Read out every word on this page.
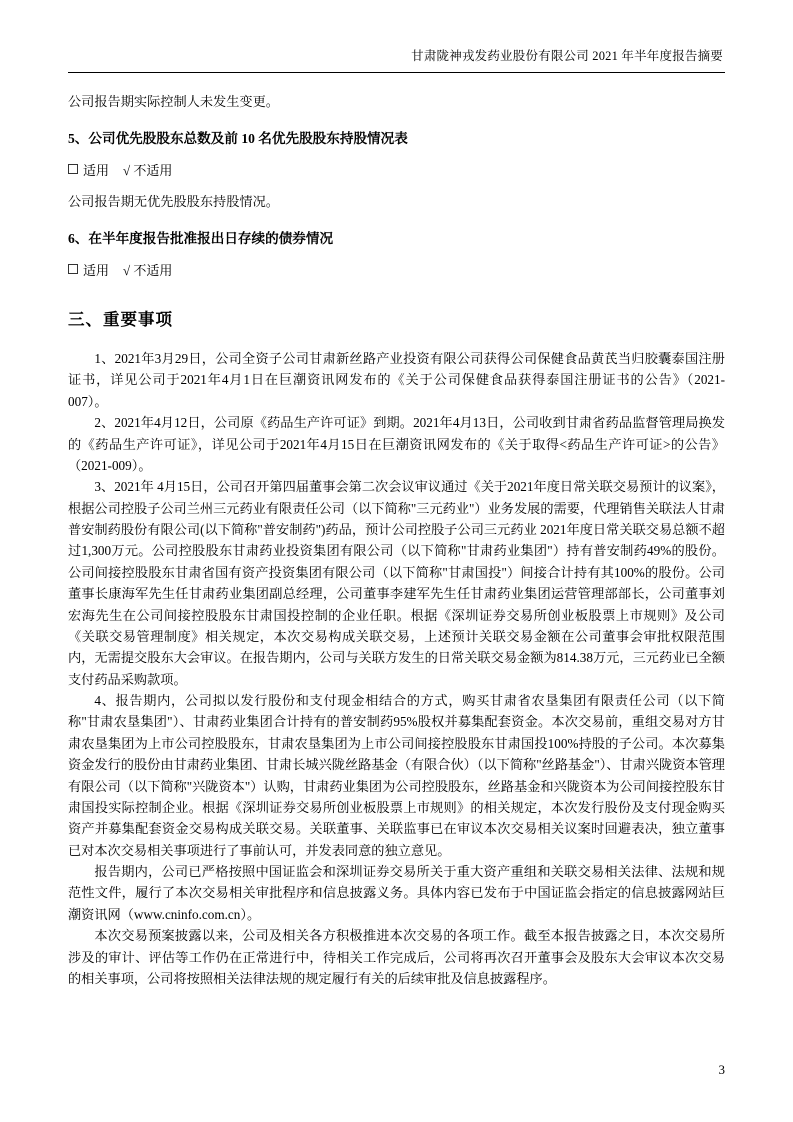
甘肃陇神戎发药业股份有限公司 2021 年半年度报告摘要

公司报告期实际控制人未发生变更。

5、公司优先股股东总数及前 10 名优先股股东持股情况表
适用 √ 不适用

公司报告期无优先股股东持股情况。

6、在半年度报告批准报出日存续的债券情况
适用 √ 不适用
三、重要事项

1、2021年3月29日，公司全资子公司甘肃新丝路产业投资有限公司获得公司保健食品黄芪当归胶囊泰国注册证书，详见公司于2021年4月1日在巨潮资讯网发布的《关于公司保健食品获得泰国注册证书的公告》（2021-007）。

2、2021年4月12日，公司原《药品生产许可证》到期。2021年4月13日，公司收到甘肃省药品监督管理局换发的《药品生产许可证》，详见公司于2021年4月15日在巨潮资讯网发布的《关于取得<药品生产许可证>的公告》（2021-009）。

3、2021年 4月15日，公司召开第四届董事会第二次会议审议通过《关于2021年度日常关联交易预计的议案》，根据公司控股子公司兰州三元药业有限责任公司（以下简称"三元药业"）业务发展的需要，代理销售关联法人甘肃普安制药股份有限公司(以下简称"普安制药")药品，预计公司控股子公司三元药业 2021年度日常关联交易总额不超过1,300万元。公司控股股东甘肃药业投资集团有限公司（以下简称"甘肃药业集团"）持有普安制药49%的股份。公司间接控股股东甘肃省国有资产投资集团有限公司（以下简称"甘肃国投"）间接合计持有其100%的股份。公司董事长康海军先生任甘肃药业集团副总经理，公司董事李建军先生任甘肃药业集团运营管理部部长，公司董事刘宏海先生在公司间接控股股东甘肃国投控制的企业任职。根据《深圳证券交易所创业板股票上市规则》及公司《关联交易管理制度》相关规定，本次交易构成关联交易，上述预计关联交易金额在公司董事会审批权限范围内，无需提交股东大会审议。在报告期内，公司与关联方发生的日常关联交易金额为814.38万元，三元药业已全额支付药品采购款项。

4、报告期内，公司拟以发行股份和支付现金相结合的方式，购买甘肃省农垦集团有限责任公司（以下简称"甘肃农垦集团"）、甘肃药业集团合计持有的普安制药95%股权并募集配套资金。本次交易前，重组交易对方甘肃农垦集团为上市公司控股股东，甘肃农垦集团为上市公司间接控股股东甘肃国投100%持股的子公司。本次募集资金发行的股份由甘肃药业集团、甘肃长城兴陇丝路基金（有限合伙）（以下简称"丝路基金"）、甘肃兴陇资本管理有限公司（以下简称"兴陇资本"）认购，甘肃药业集团为公司控股股东，丝路基金和兴陇资本为公司间接控股东甘肃国投实际控制企业。根据《深圳证券交易所创业板股票上市规则》的相关规定，本次发行股份及支付现金购买资产并募集配套资金交易构成关联交易。关联董事、关联监事已在审议本次交易相关议案时回避表决，独立董事已对本次交易相关事项进行了事前认可，并发表同意的独立意见。

报告期内，公司已严格按照中国证监会和深圳证券交易所关于重大资产重组和关联交易相关法律、法规和规范性文件，履行了本次交易相关审批程序和信息披露义务。具体内容已发布于中国证监会指定的信息披露网站巨潮资讯网（www.cninfo.com.cn）。

本次交易预案披露以来，公司及相关各方积极推进本次交易的各项工作。截至本报告披露之日，本次交易所涉及的审计、评估等工作仍在正常进行中，待相关工作完成后，公司将再次召开董事会及股东大会审议本次交易的相关事项，公司将按照相关法律法规的规定履行有关的后续审批及信息披露程序。

3
